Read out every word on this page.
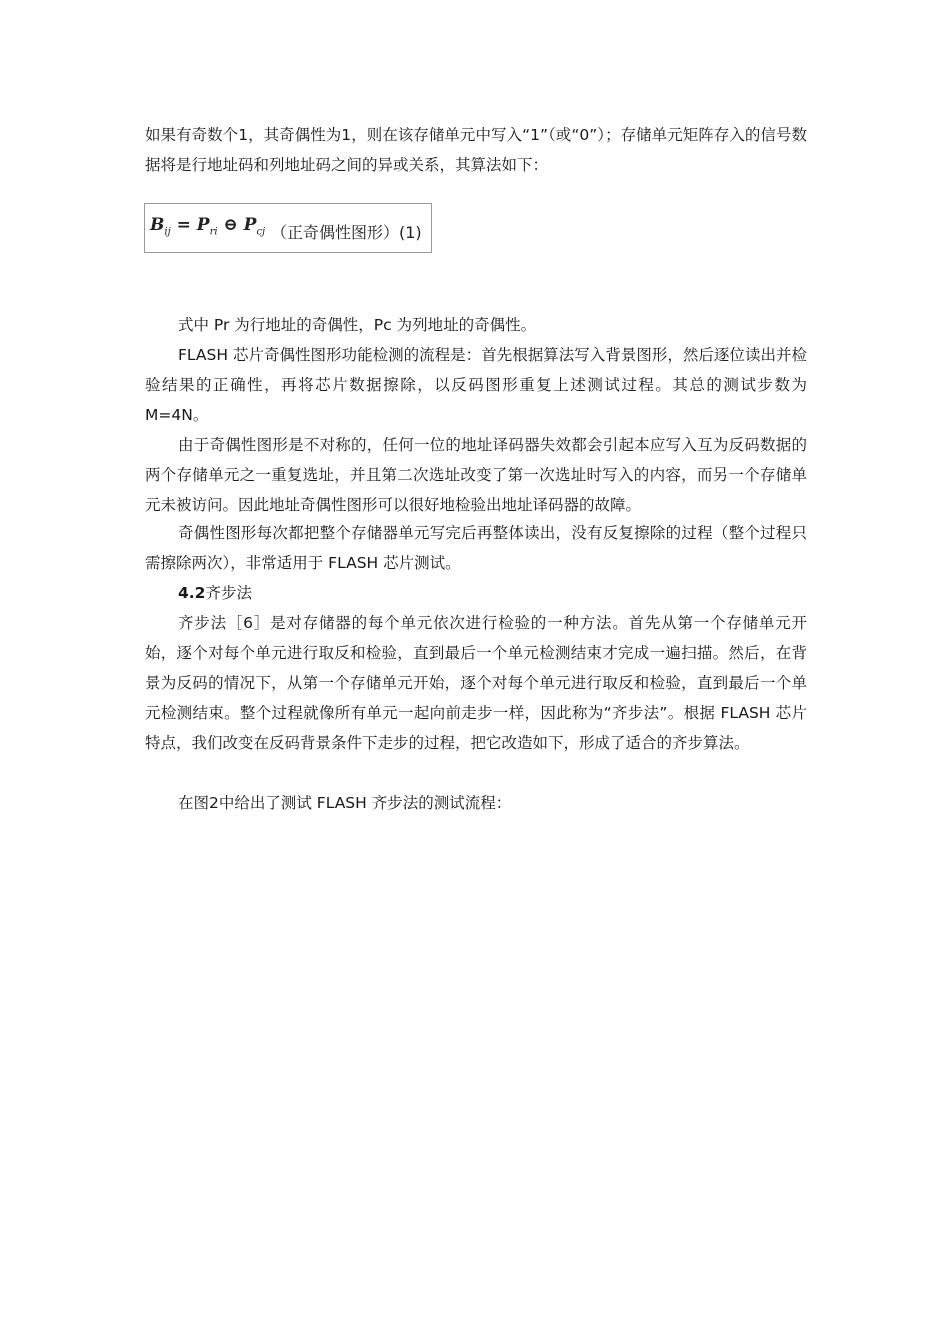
如果有奇数个1，其奇偶性为1，则在该存储单元中写入“1”（或“0”）；存储单元矩阵存入的信号数据将是行地址码和列地址码之间的异或关系，其算法如下：

$B_{ij} = P_{ri}$ ⊖ $P_{cj}$ （正奇偶性图形）(1)

式中 Pr 为行地址的奇偶性，Pc 为列地址的奇偶性。

FLASH 芯片奇偶性图形功能检测的流程是：首先根据算法写入背景图形，然后逐位读出并检验结果的正确性，再将芯片数据擦除，以反码图形重复上述测试过程。其总的测试步数为 M=4N。

由于奇偶性图形是不对称的，任何一位的地址译码器失效都会引起本应写入互为反码数据的两个存储单元之一重复选址，并且第二次选址改变了第一次选址时写入的内容，而另一个存储单元未被访问。因此地址奇偶性图形可以很好地检验出地址译码器的故障。

奇偶性图形每次都把整个存储器单元写完后再整体读出，没有反复擦除的过程（整个过程只需擦除两次），非常适用于 FLASH 芯片测试。

4.2齐步法

齐步法［6］是对存储器的每个单元依次进行检验的一种方法。首先从第一个存储单元开始，逐个对每个单元进行取反和检验，直到最后一个单元检测结束才完成一遍扫描。然后，在背景为反码的情况下，从第一个存储单元开始，逐个对每个单元进行取反和检验，直到最后一个单元检测结束。整个过程就像所有单元一起向前走步一样，因此称为“齐步法”。根据 FLASH 芯片特点，我们改变在反码背景条件下走步的过程，把它改造如下，形成了适合的齐步算法。

在图2中给出了测试 FLASH 齐步法的测试流程：
